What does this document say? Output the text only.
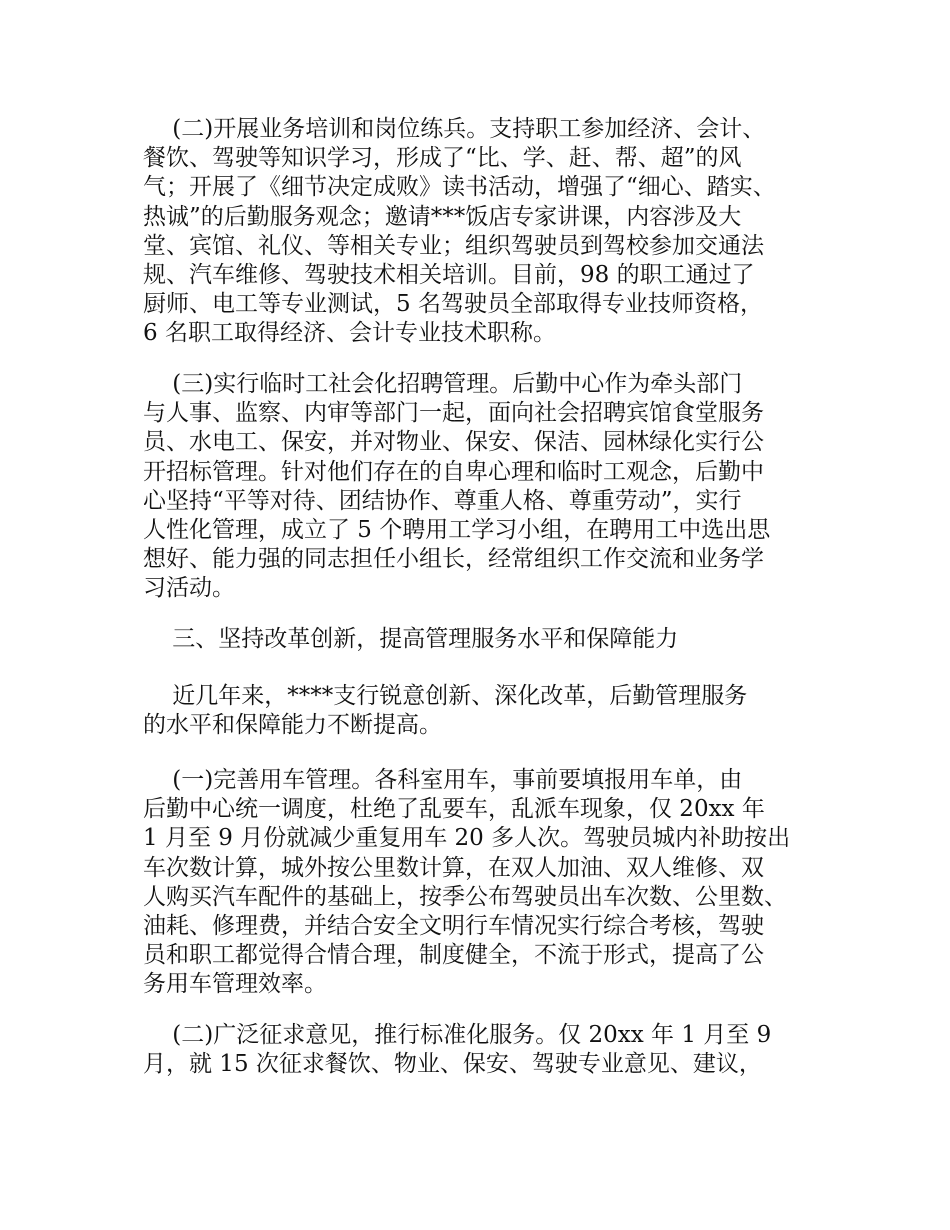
(二)开展业务培训和岗位练兵。支持职工参加经济、会计、
餐饮、驾驶等知识学习，形成了“比、学、赶、帮、超”的风
气；开展了《细节决定成败》读书活动，增强了“细心、踏实、
热诚”的后勤服务观念；邀请***饭店专家讲课，内容涉及大
堂、宾馆、礼仪、等相关专业；组织驾驶员到驾校参加交通法
规、汽车维修、驾驶技术相关培训。目前，98 的职工通过了
厨师、电工等专业测试，5 名驾驶员全部取得专业技师资格，
6 名职工取得经济、会计专业技术职称。
(三)实行临时工社会化招聘管理。后勤中心作为牵头部门
与人事、监察、内审等部门一起，面向社会招聘宾馆食堂服务
员、水电工、保安，并对物业、保安、保洁、园林绿化实行公
开招标管理。针对他们存在的自卑心理和临时工观念，后勤中
心坚持“平等对待、团结协作、尊重人格、尊重劳动”，实行
人性化管理，成立了 5 个聘用工学习小组，在聘用工中选出思
想好、能力强的同志担任小组长，经常组织工作交流和业务学
习活动。
三、坚持改革创新，提高管理服务水平和保障能力
近几年来，****支行锐意创新、深化改革，后勤管理服务
的水平和保障能力不断提高。
(一)完善用车管理。各科室用车，事前要填报用车单，由
后勤中心统一调度，杜绝了乱要车，乱派车现象，仅 20xx 年
1 月至 9 月份就减少重复用车 20 多人次。驾驶员城内补助按出
车次数计算，城外按公里数计算，在双人加油、双人维修、双
人购买汽车配件的基础上，按季公布驾驶员出车次数、公里数、
油耗、修理费，并结合安全文明行车情况实行综合考核，驾驶
员和职工都觉得合情合理，制度健全，不流于形式，提高了公
务用车管理效率。
(二)广泛征求意见，推行标准化服务。仅 20xx 年 1 月至 9
月，就 15 次征求餐饮、物业、保安、驾驶专业意见、建议，
